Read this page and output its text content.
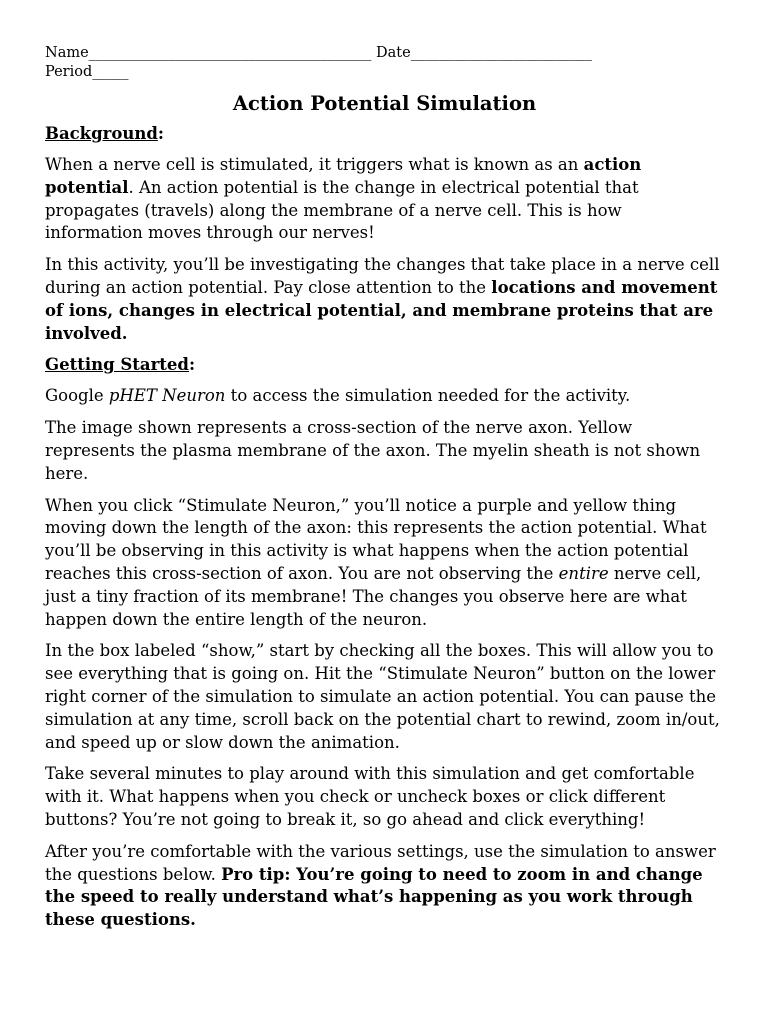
Name_______________________________________ Date_________________________
Period_____
Action Potential Simulation
Background:

When a nerve cell is stimulated, it triggers what is known as an action potential. An action potential is the change in electrical potential that propagates (travels) along the membrane of a nerve cell. This is how information moves through our nerves!

In this activity, you’ll be investigating the changes that take place in a nerve cell during an action potential. Pay close attention to the locations and movement of ions, changes in electrical potential, and membrane proteins that are involved.

Getting Started:

Google pHET Neuron to access the simulation needed for the activity.

The image shown represents a cross-section of the nerve axon. Yellow represents the plasma membrane of the axon. The myelin sheath is not shown here.

When you click “Stimulate Neuron,” you’ll notice a purple and yellow thing moving down the length of the axon: this represents the action potential. What you’ll be observing in this activity is what happens when the action potential reaches this cross-section of axon. You are not observing the entire nerve cell, just a tiny fraction of its membrane! The changes you observe here are what happen down the entire length of the neuron.

In the box labeled “show,” start by checking all the boxes. This will allow you to see everything that is going on. Hit the “Stimulate Neuron” button on the lower right corner of the simulation to simulate an action potential. You can pause the simulation at any time, scroll back on the potential chart to rewind, zoom in/out, and speed up or slow down the animation.

Take several minutes to play around with this simulation and get comfortable with it. What happens when you check or uncheck boxes or click different buttons? You’re not going to break it, so go ahead and click everything!

After you’re comfortable with the various settings, use the simulation to answer the questions below. Pro tip: You’re going to need to zoom in and change the speed to really understand what’s happening as you work through these questions.
